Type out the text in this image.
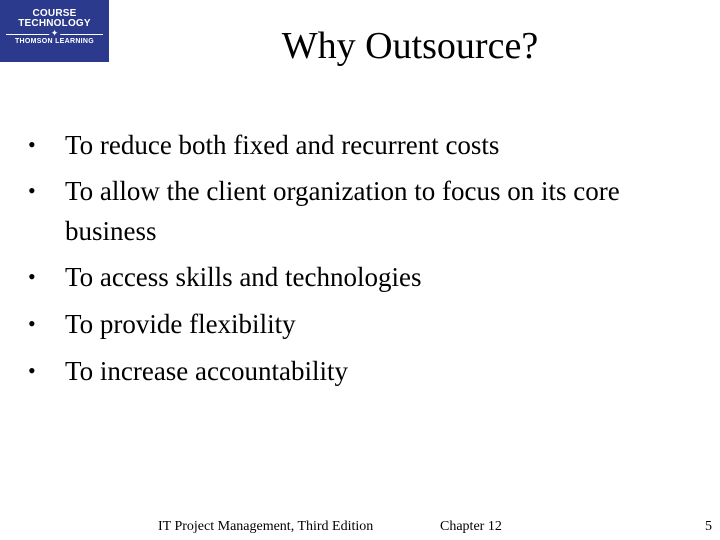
COURSE
TECHNOLOGY
✦
THOMSON LEARNING	Why Outsource?
• To reduce both fixed and recurrent costs
• To allow the client organization to focus on its core business
• To access skills and technologies
• To provide flexibility
• To increase accountability
IT Project Management, Third Edition	Chapter 12	5
